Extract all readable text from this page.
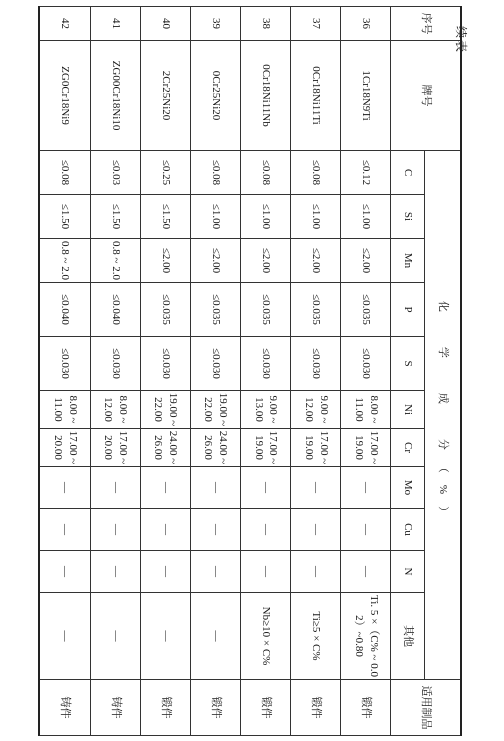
续表
序号	牌号	化　学　成　分（%）											适用制品
		C	Si	Mn	P	S	Ni	Cr	Mo	Cu	N	其他	
36	1Cr18N9Ti	≤0.12	≤1.00	≤2.00	≤0.035	≤0.030	8.00 ~ 11.00	17.00 ~ 19.00	—	—	—	Ti. 5 ×（C% ~ 0.02）~0.80	锻件
37	0Cr18Ni11Ti	≤0.08	≤1.00	≤2.00	≤0.035	≤0.030	9.00 ~ 12.00	17.00 ~ 19.00	—	—	—	Ti≥5 × C%	锻件
38	0Cr18Ni11Nb	≤0.08	≤1.00	≤2.00	≤0.035	≤0.030	9.00 ~ 13.00	17.00 ~ 19.00	—	—	—	Nb≥10 × C%	锻件
39	0Cr25Ni20	≤0.08	≤1.00	≤2.00	≤0.035	≤0.030	19.00 ~ 22.00	24.00 ~ 26.00	—	—	—	—	锻件
40	2Cr25Ni20	≤0.25	≤1.50	≤2.00	≤0.035	≤0.030	19.00 ~ 22.00	24.00 ~ 26.00	—	—	—	—	锻件
41	ZG00Cr18Ni10	≤0.03	≤1.50	0.8 ~ 2.0	≤0.040	≤0.030	8.00 ~ 12.00	17.00 ~ 20.00	—	—	—	—	铸件
42	ZG0Cr18Ni9	≤0.08	≤1.50	0.8 ~ 2.0	≤0.040	≤0.030	8.00 ~ 11.00	17.00 ~ 20.00	—	—	—	—	铸件
